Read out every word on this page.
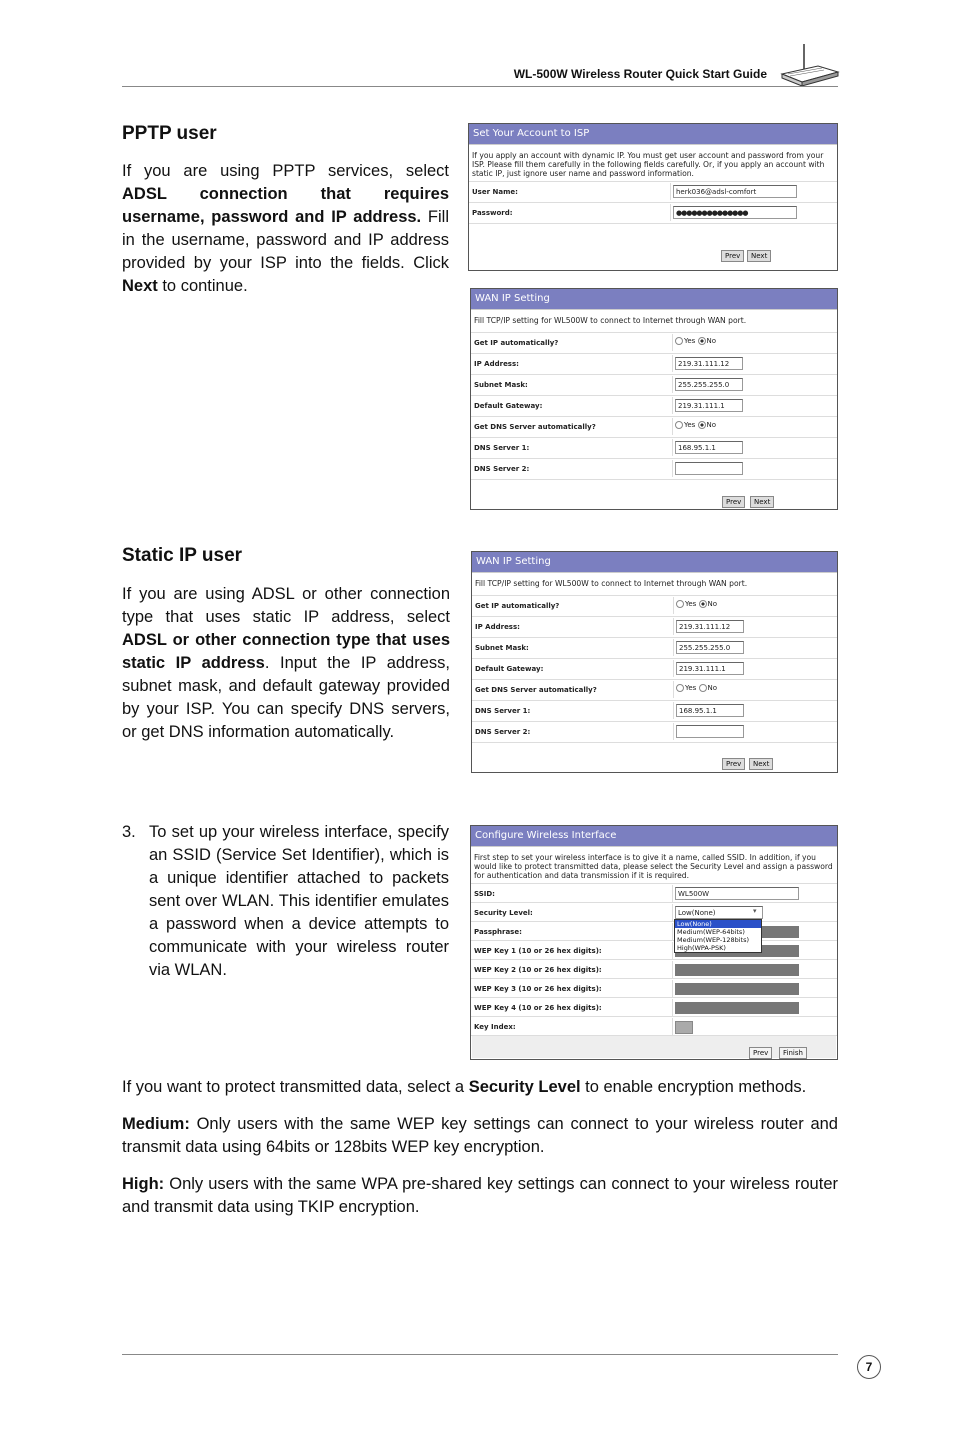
WL-500W Wireless Router Quick Start Guide
PPTP user
If you are using PPTP services, select ADSL connection that requires username, password and IP address. Fill in the username, password and IP address provided by your ISP into the fields. Click Next to continue.
Set Your Account to ISP
If you apply an account with dynamic IP. You must get user account and password from your ISP. Please fill them carefully in the following fields carefully. Or, if you apply an account with static IP, just ignore user name and password information.
User Name:	herk036@adsl-comfort
Password:	●●●●●●●●●●●●●●
Prev	Next
WAN IP Setting
Fill TCP/IP setting for WL500W to connect to Internet through WAN port.
Get IP automatically?	Yes No
IP Address:	219.31.111.12
Subnet Mask:	255.255.255.0
Default Gateway:	219.31.111.1
Get DNS Server automatically?	Yes No
DNS Server 1:	168.95.1.1
DNS Server 2:
Prev	Next
Static IP user
If you are using ADSL or other connection type that uses static IP address, select ADSL or other connection type that uses static IP address. Input the IP address, subnet mask, and default gateway provided by your ISP. You can specify DNS servers, or get DNS information automatically.
WAN IP Setting
Fill TCP/IP setting for WL500W to connect to Internet through WAN port.
Get IP automatically?	Yes No
IP Address:	219.31.111.12
Subnet Mask:	255.255.255.0
Default Gateway:	219.31.111.1
Get DNS Server automatically?	Yes No
DNS Server 1:	168.95.1.1
DNS Server 2:
Prev	Next
3. To set up your wireless interface, specify an SSID (Service Set Identifier), which is a unique identifier attached to packets sent over WLAN. This identifier emulates a password when a device attempts to communicate with your wireless router via WLAN.
Configure Wireless Interface
First step to set your wireless interface is to give it a name, called SSID. In addition, if you would like to protect transmitted data, please select the Security Level and assign a password for authentication and data transmission if it is required.
SSID:	WL500W
Security Level:	Low(None)	▾
Passphrase:
WEP Key 1 (10 or 26 hex digits):
WEP Key 2 (10 or 26 hex digits):
WEP Key 3 (10 or 26 hex digits):
WEP Key 4 (10 or 26 hex digits):
Key Index:
Prev	Finish
Low(None)
Medium(WEP-64bits)
Medium(WEP-128bits)
High(WPA-PSK)
If you want to protect transmitted data, select a Security Level to enable encryption methods.
Medium: Only users with the same WEP key settings can connect to your wireless router and transmit data using 64bits or 128bits WEP key encryption.
High: Only users with the same WPA pre-shared key settings can connect to your wireless router and transmit data using TKIP encryption.
7
